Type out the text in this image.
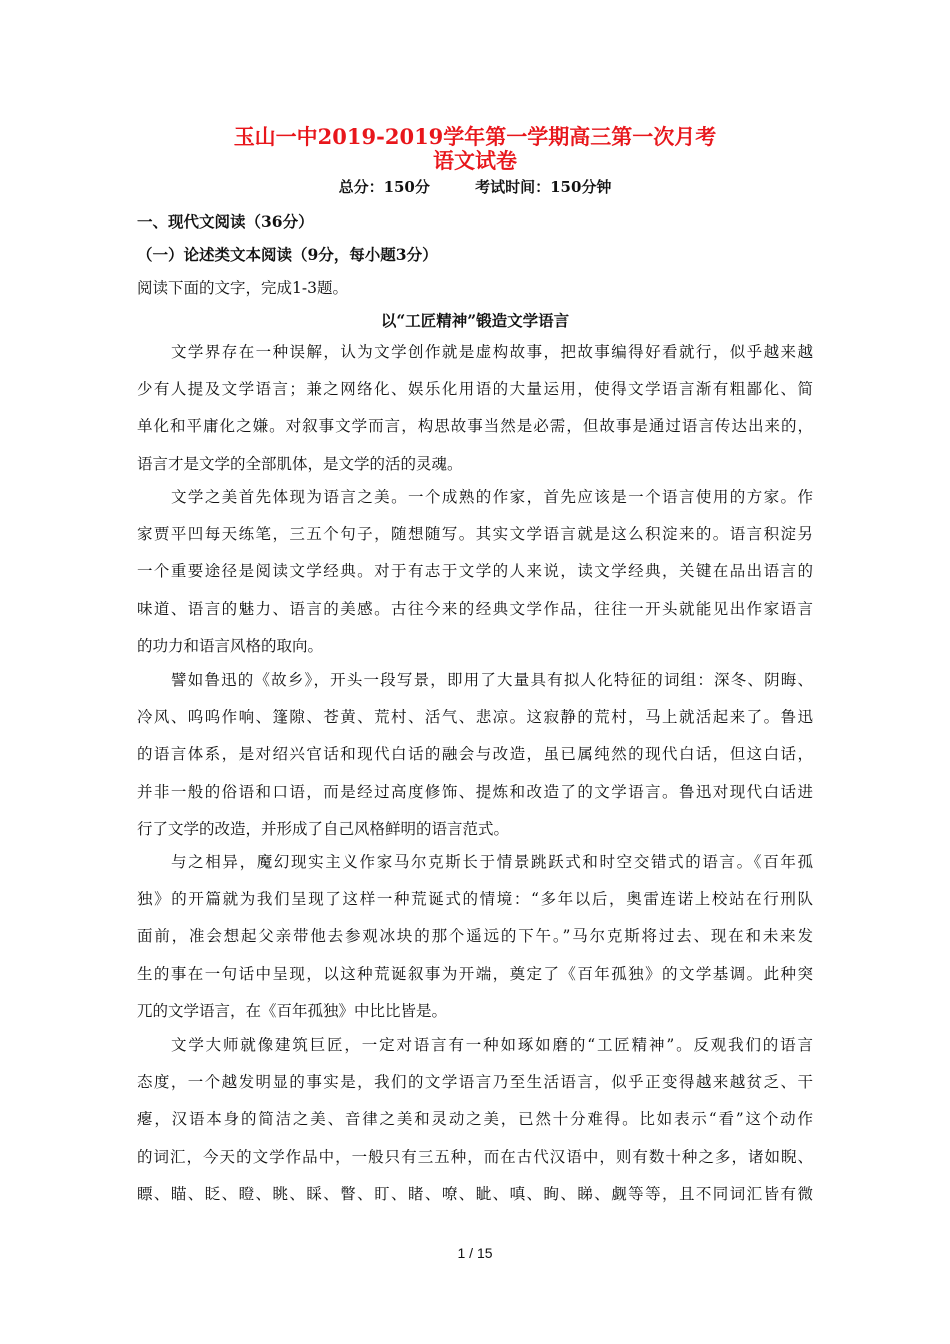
玉山一中2019-2019学年第一学期高三第一次月考
语文试卷
总分：150分	考试时间：150分钟
一、现代文阅读（36分）
（一）论述类文本阅读（9分，每小题3分）
阅读下面的文字，完成1-3题。
以“工匠精神”锻造文学语言
文学界存在一种误解，认为文学创作就是虚构故事，把故事编得好看就行，似乎越来越
少有人提及文学语言；兼之网络化、娱乐化用语的大量运用，使得文学语言渐有粗鄙化、简
单化和平庸化之嫌。对叙事文学而言，构思故事当然是必需，但故事是通过语言传达出来的，
语言才是文学的全部肌体，是文学的活的灵魂。
文学之美首先体现为语言之美。一个成熟的作家，首先应该是一个语言使用的方家。作
家贾平凹每天练笔，三五个句子，随想随写。其实文学语言就是这么积淀来的。语言积淀另
一个重要途径是阅读文学经典。对于有志于文学的人来说，读文学经典，关键在品出语言的
味道、语言的魅力、语言的美感。古往今来的经典文学作品，往往一开头就能见出作家语言
的功力和语言风格的取向。
譬如鲁迅的《故乡》，开头一段写景，即用了大量具有拟人化特征的词组：深冬、阴晦、
冷风、呜呜作响、篷隙、苍黄、荒村、活气、悲凉。这寂静的荒村，马上就活起来了。鲁迅
的语言体系，是对绍兴官话和现代白话的融会与改造，虽已属纯然的现代白话，但这白话，
并非一般的俗语和口语，而是经过高度修饰、提炼和改造了的文学语言。鲁迅对现代白话进
行了文学的改造，并形成了自己风格鲜明的语言范式。
与之相异，魔幻现实主义作家马尔克斯长于情景跳跃式和时空交错式的语言。《百年孤
独》的开篇就为我们呈现了这样一种荒诞式的情境：“多年以后，奥雷连诺上校站在行刑队
面前，准会想起父亲带他去参观冰块的那个遥远的下午。”马尔克斯将过去、现在和未来发
生的事在一句话中呈现，以这种荒诞叙事为开端，奠定了《百年孤独》的文学基调。此种突
兀的文学语言，在《百年孤独》中比比皆是。
文学大师就像建筑巨匠，一定对语言有一种如琢如磨的“工匠精神”。反观我们的语言
态度，一个越发明显的事实是，我们的文学语言乃至生活语言，似乎正变得越来越贫乏、干
瘪，汉语本身的简洁之美、音律之美和灵动之美，已然十分难得。比如表示“看”这个动作
的词汇，今天的文学作品中，一般只有三五种，而在古代汉语中，则有数十种之多，诸如睨、
瞟、瞄、眨、瞪、眺、睬、瞥、盯、睹、嘹、眦、嗔、眴、睇、觑等等，且不同词汇皆有微
1 / 15
